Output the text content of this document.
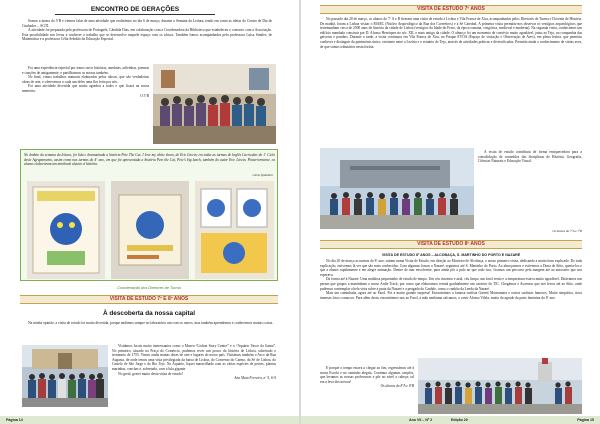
ENCONTRO DE GERAÇÕES

Somos a turma do 5ºB e viemos falar de uma atividade que realizámos no dia 6 de março, durante a Semana da Leitura, tendo em conta as ideias do Centro de Dia de Cunhados – AGTI.

A atividade foi preparada pela professora de Português, Cândida Dias, em colaboração com a Coordenadora da Biblioteca que estabeleceu o contacto com a Associação. Esta possibilidade nos levou a conhecer o trabalho que se desenvolve naquele espaço com os idosos. Também fomos acompanhados pela professora Luísa Simões, de Matemática e a professora Célia Sebolão da Educação Especial.

Foi uma experiência especial por irmos ouvir histórias, anedotas, adivinhas, poemas e canções de antigamente, e partilharmos as nossas também.

No final, vimos trabalhos manuais elaborados pelos idosos, que são verdadeiras obras de arte, e oferecemos a cada um deles uma flor feita por nós.

Foi uma atividade divertida que muito agradou a todos e que ficará na nossa memória.

O 5ºB
No âmbito da semana da leitura, foi lida e dramatizada a história Pete The Cat, I love my white shoes, de Eric Litwin, em todas as turmas de Inglês Curricular do 1º Ciclo deste Agrupamento, assim como nas turmas do 4º ano, em que foi apresentada a história Pete the Cat, Pete's big lunch, também do autor Eric Litwin. Posteriormente, os alunos elaboraram um minibook alusivo à história.
Carla Quintéiro
Coordenação dos Diretores de Turma
VISITA DE ESTUDO 7º E 8º ANOS
À descoberta da nossa capital

Na minha opinião, a visita de estudo foi muito divertida, porque andámos sempre no laboratório um com os outros, mas também aprendemos e conhecemos muitas coisas.

Visitámos locais muito interessantes como o Museu “Lisbon Story Centre” e o “Aquário Vasco da Gama”. No primeiro, situado na Praça do Comércio, pudemos rever um pouco da história de Lisboa, sobretudo o terramoto de 1755. Vimos ainda muitas obras de arte e lugares do nosso país. Visitámos também o Arco da Rua Augusta, de onde temos uma vista privilegiada da baixa de Lisboa, do Convento do Carmo, da Sé de Lisboa, do Castelo de São Jorge e do Rio Tejo. No Aquário, fiquei maravilhado com as várias espécies de peixes, plantas marinhas, conchas e, sobretudo, com a lula gigante.

No geral, gostei muito desta visita de estudo!

Ana Maia Ferreira, nº 5, 6ºA
Página 14
VISITA DE ESTUDO 7º ANOS

No passado dia 20 de março, os alunos do 7º A e B fizeram uma visita de estudo a Lisboa e Vila Franca de Xira, acompanhados pelos Diretores de Turma e Docente de História. De manhã, foram a Lisboa visitar o MARC (Núcleo Arqueológico da Rua dos Correeiros) e a Sé Catedral. A primeira visita permitiu-nos observar os vestígios arqueológicos que testemunham cerca de 2500 anos de história da cidade de Lisboa (vestígios da Idade do Ferro, da época romana, visigótica, medieval e moderna). Na segunda visita, conhecemos um edifício mandado construir por D. Afonso Henriques no séc. XII, o mais antigo da cidade. O almoço foi um momento de convívio muito agradável, junto ao Tejo, na companhia das gaivotas e pombos. Durante a tarde, a visita continuou em Vila Franca de Xira, no Parque EVOA (Espaço de visitação e Observação de Aves), em plena lezíria, que permitiu conhecer e distinguir do património único, existente entre a Lezíria e o estuário do Tejo, através de atividades práticas e diversificadas. Permitiu ainda o conhecimento de várias aves, de que somos tributários nesta lezíria.

A visita de estudo contribuiu de forma enriquecedora para a consolidação de conteúdos das disciplinas de História, Geografia, Ciências Naturais e Educação Visual.

Os alunos do 7ºA e 7ºB
VISITA DE ESTUDO 8º ANOS
VISITA DE ESTUDO 8º ANOS – ALCOBAÇA, S. MARTINHO DO PORTO E NAZARÉ

No dia 20 de março as turmas do 8º ano, saíram numa Visita de Estudo, em direção ao Mosteiro de Alcobaça, o nosso primeiro visita, dedicando a muito bom explicado. De toda explicação, estivemos lá ver que são mais conhecidas. Com algumas fomos a Nazaré, seguimos até S. Martinho do Porto. Ao almoçarmos e estivemos a Dona de Sítio, queria-los e que a alunos rapidamente e em alegre animação. Dentre de mar envolvente, para ainda pôr a pulo no que tudo isso, ficamos um percurso pela margem até ao autocarro que nos esperava.

Da forma até à Nazaré. Uma maldosa pequeninho de estudo de tempo. Um céu cinzento e azul, céu limpo, um farol vento e a temperatura estava muito agradável. Ditávamos nas pernas que grupos a mantinham o nosso Ardie Track, por como que elaboramos retratá gradualmente um carácter do TIC. Chegámos e Ascensor que nos levou até ao Sítio, onde pudemos contemplar a bela vista sobre a praia da Nazaré e a peugada do Canhão, como o canhão da Lenda da Nazaré.

Mais um caminhada, agora até ao Farol. Foi a maior grande surpresa! Encontrámos a famosa surfista Garrett Macnamara e outros surfistas famosos. Muito simpático, tirou imensas fotos connosco. Para além desta, encontrámos-nos ao Farol, à mão nenhuma calcamos, o ouvir Alonso Vilela, muito do agrado da parte feminina do 8º ano.

E porque o tempo estava a chegar ao fim, regressámos até à nossa Escola e no caminho alegria. Continuo algumas canções, que levamos as nossas professoras e pôr no nível a cabeça; tal era a leva dos nossos!

Os alunos do 8ºA e 8ºB
Ano VII – Nº 2	Edição 20	Página 15
